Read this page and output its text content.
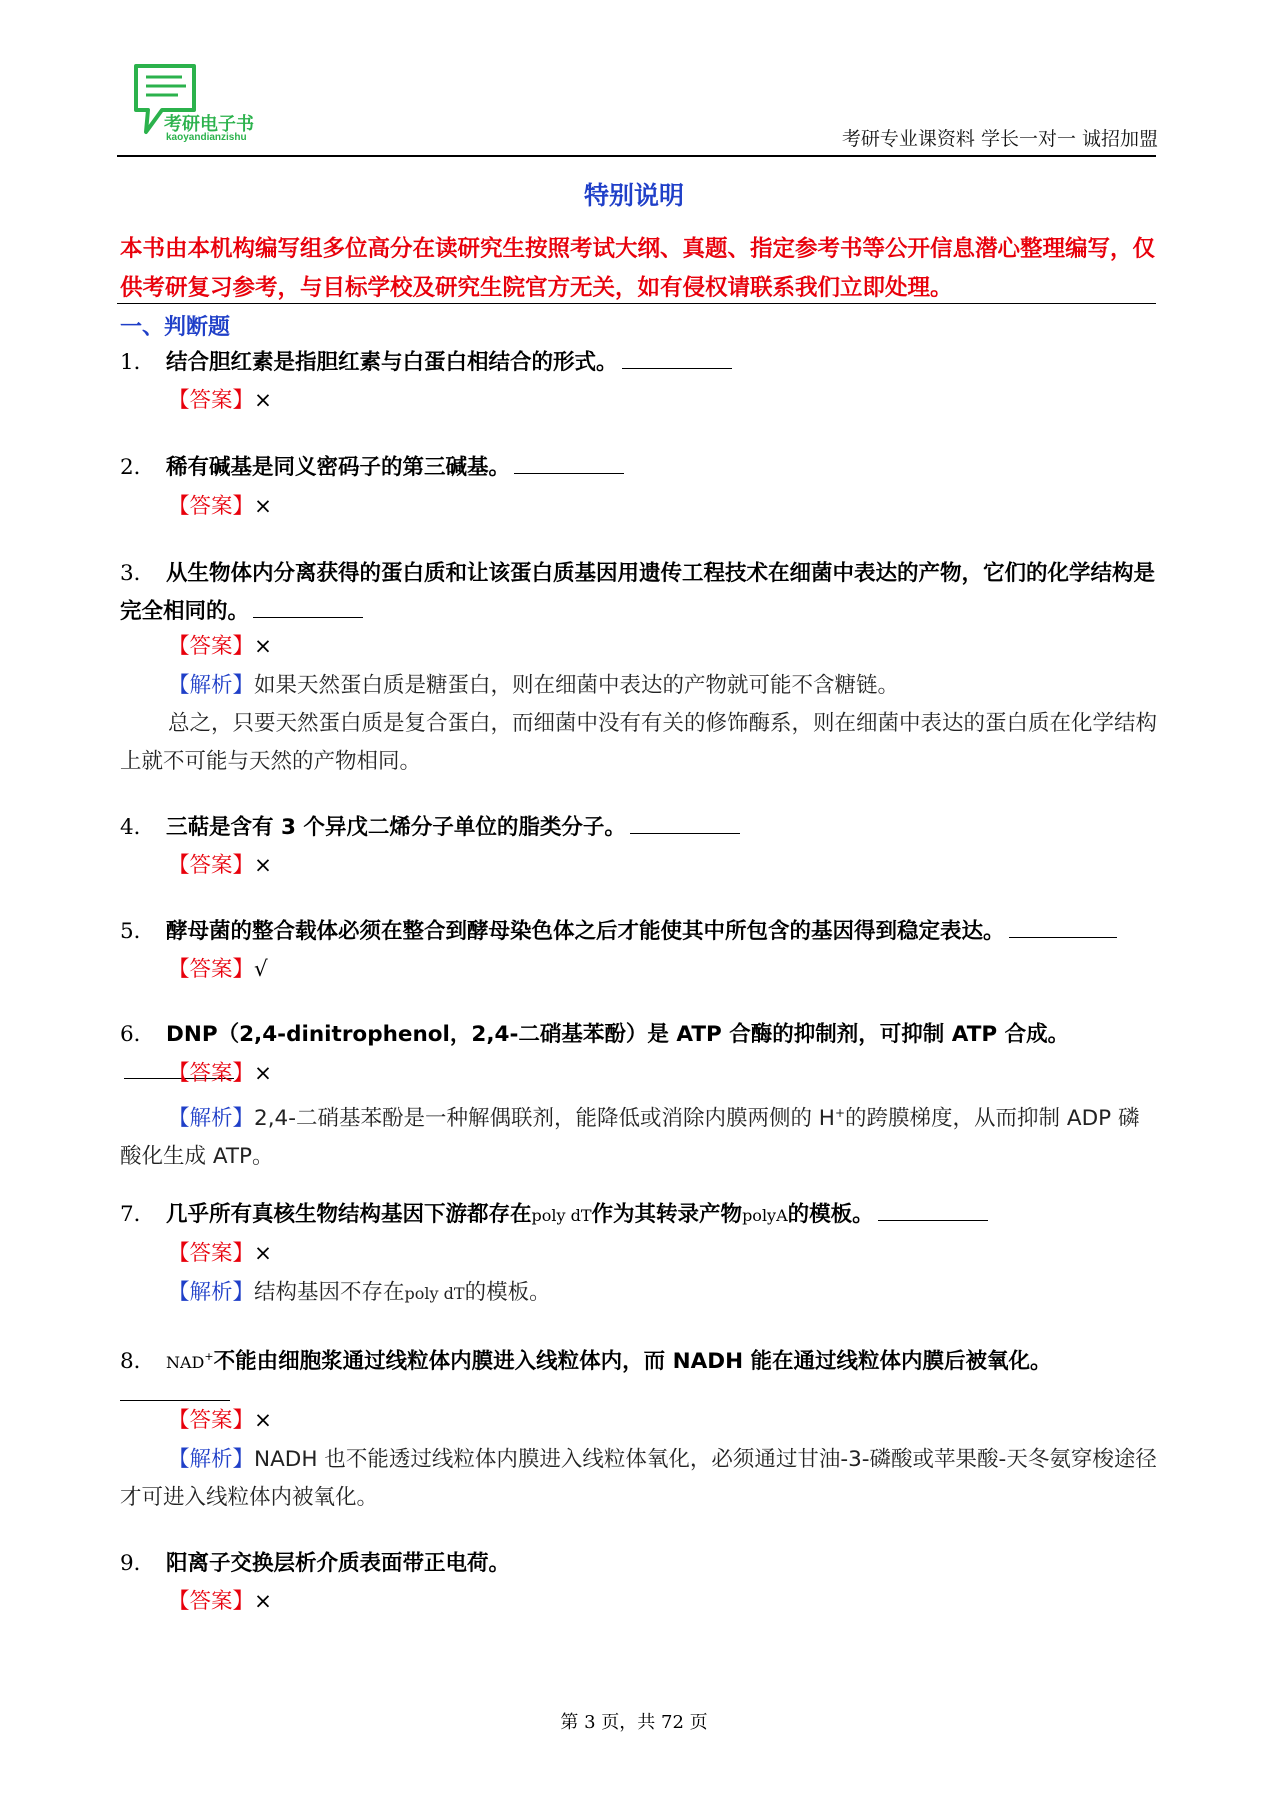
考研电子书
kaoyandianzishu	考研专业课资料 学长一对一 诚招加盟
特别说明
本书由本机构编写组多位高分在读研究生按照考试大纲、真题、指定参考书等公开信息潜心整理编写，仅供考研复习参考，与目标学校及研究生院官方无关，如有侵权请联系我们立即处理。
一、判断题
1． 结合胆红素是指胆红素与白蛋白相结合的形式。
【答案】×
2． 稀有碱基是同义密码子的第三碱基。
【答案】×
3． 从生物体内分离获得的蛋白质和让该蛋白质基因用遗传工程技术在细菌中表达的产物，它们的化学结构是完全相同的。
【答案】×
【解析】如果天然蛋白质是糖蛋白，则在细菌中表达的产物就可能不含糖链。
总之，只要天然蛋白质是复合蛋白，而细菌中没有有关的修饰酶系，则在细菌中表达的蛋白质在化学结构上就不可能与天然的产物相同。
4． 三萜是含有 3 个异戊二烯分子单位的脂类分子。
【答案】×
5． 酵母菌的整合载体必须在整合到酵母染色体之后才能使其中所包含的基因得到稳定表达。
【答案】√
6． DNP（2,4-dinitrophenol，2,4-二硝基苯酚）是 ATP 合酶的抑制剂，可抑制 ATP 合成。
【答案】×
【解析】2,4-二硝基苯酚是一种解偶联剂，能降低或消除内膜两侧的 H+的跨膜梯度，从而抑制 ADP 磷酸化生成 ATP。
7． 几乎所有真核生物结构基因下游都存在poly dT作为其转录产物polyA的模板。
【答案】×
【解析】结构基因不存在poly dT的模板。
8． NAD+不能由细胞浆通过线粒体内膜进入线粒体内，而 NADH 能在通过线粒体内膜后被氧化。
【答案】×
【解析】NADH 也不能透过线粒体内膜进入线粒体氧化，必须通过甘油-3-磷酸或苹果酸-天冬氨穿梭途径才可进入线粒体内被氧化。
9． 阳离子交换层析介质表面带正电荷。
【答案】×
第 3 页，共 72 页
